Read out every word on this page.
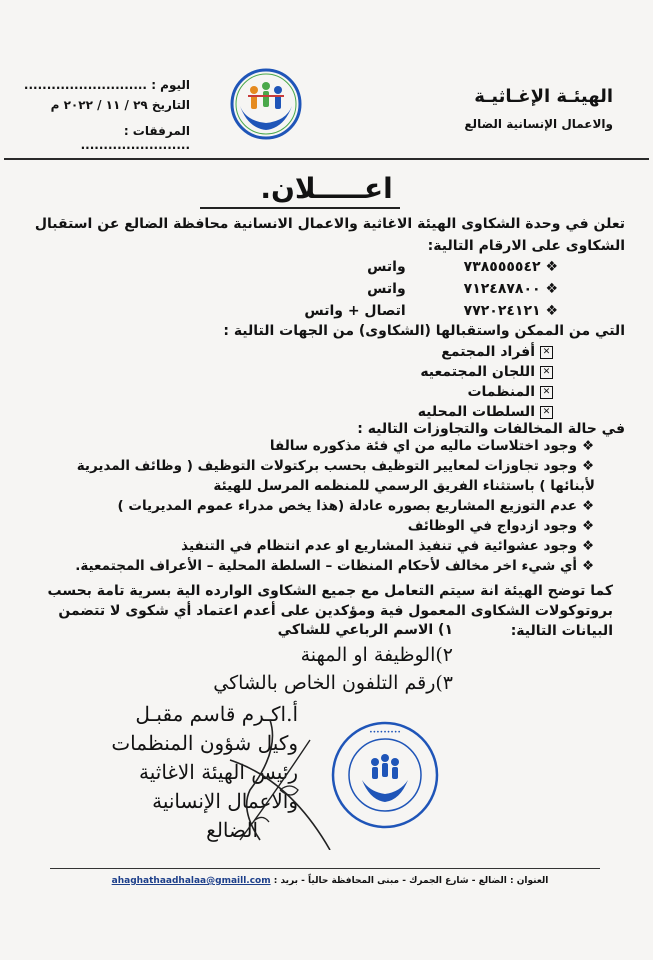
الهيئـة الإغـاثيـة
والاعمال الإنسانية الضالع
اليوم : ...........................
التاريخ ٢٩ / ١١ / ٢٠٢٢ م
المرفقات : ........................
اعـــــلان.
تعلن في وحدة الشكاوى الهيئة الاغاثية والاعمال الانسانية محافظة الضالع عن استقبال الشكاوى على الارقام التالية:
❖ ٧٣٨٥٥٥٥٤٢ واتس
❖ ٧١٢٤٨٧٨٠٠ واتس
❖ ٧٧٢٠٢٤١٢١ اتصال + واتس
التي من الممكن واستقبالها (الشكاوى) من الجهات التالية :
✕أفراد المجتمع
✕اللجان المجتمعيه
✕المنظمات
✕السلطات المحليه
في حالة المخالفات والتجاوزات التاليه :
❖وجود اختلاسات ماليه من اي فئة مذكوره سالفا
❖وجود تجاوزات لمعايير التوظيف بحسب بركتولات التوظيف ( وظائف المديرية لأبنائها ) باستثناء الفريق الرسمي للمنظمه المرسل للهيئة
❖عدم التوزيع المشاريع بصوره عادلة (هذا يخص مدراء عموم المديريات )
❖وجود ازدواج في الوظائف
❖وجود عشوائية في تنفيذ المشاريع او عدم انتظام في التنفيذ
❖أي شيء اخر مخالف لأحكام المنظات – السلطة المحلية – الأعراف المجتمعية.
كما توضح الهيئة انة سيتم التعامل مع جميع الشكاوى الوارده الية بسرية تامة بحسب بروتوكولات الشكاوى المعمول فية ومؤكدين على أعدم اعتماد أي شكوى لا تتضمن البيانات التالية:
١) الاسم الرباعي للشاكي
٢)الوظيفة او المهنة
٣)رقم التلفون الخاص بالشاكي
أ.اكـرم قاسم مقبـل
وكيل شؤون المنظمات
رئيس الهيئة الاغاثية
والاعمال الإنسانية
الضالع
•••••••••
العنوان : الضالع - شارع الجمرك - مبنى المحافظة حالياً - بريد : ahaghathaadhalaa@gmaill.com
